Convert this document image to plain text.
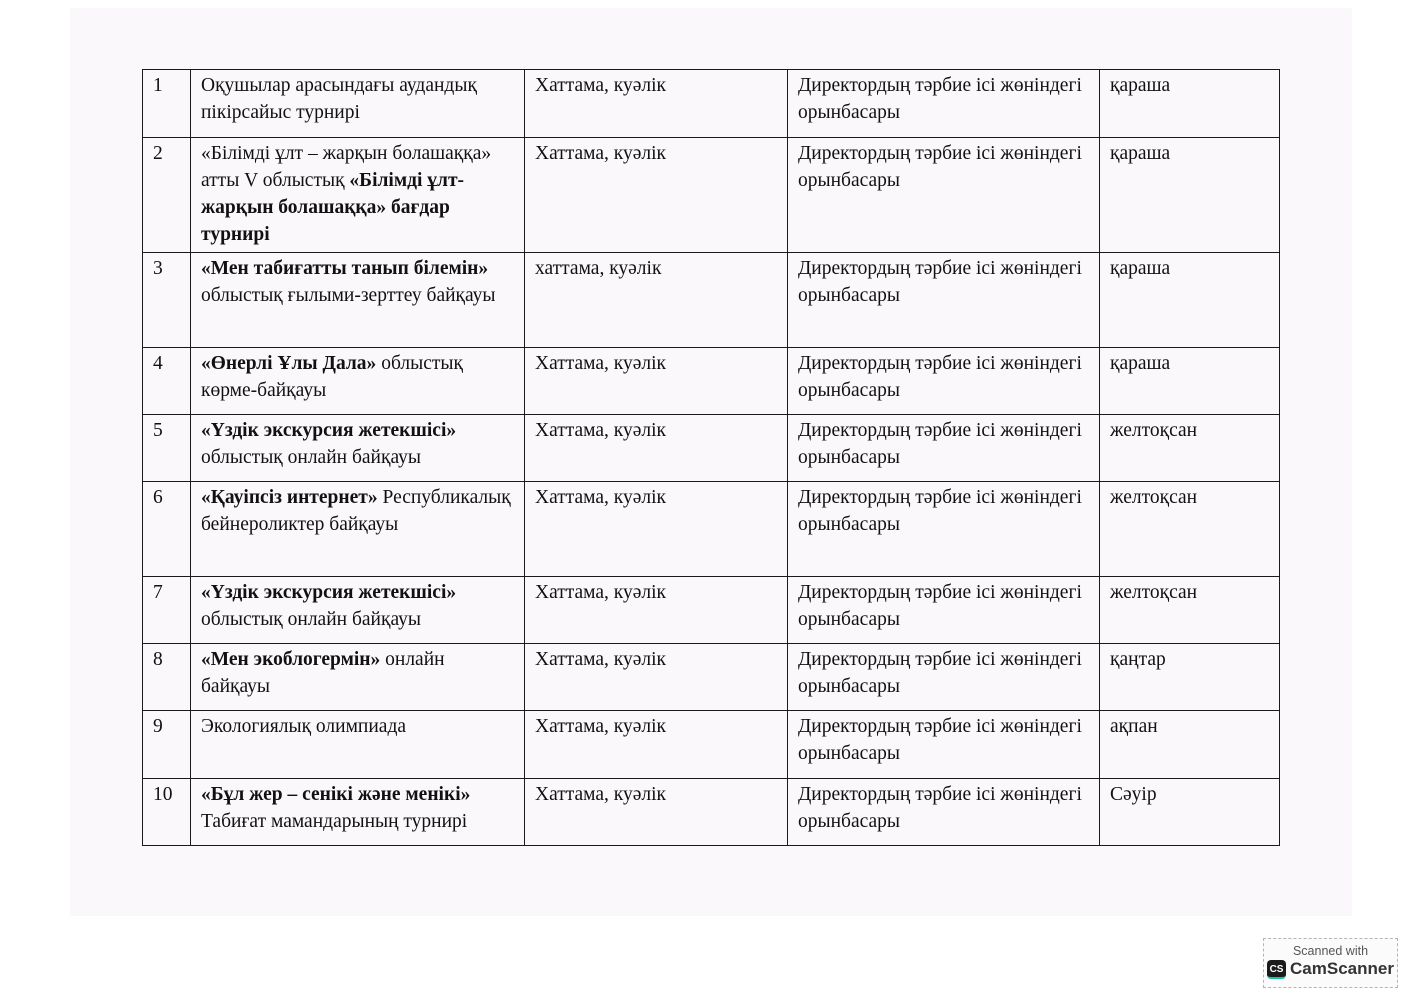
1	Оқушылар арасындағы аудандық пікірсайыс турнирі	Хаттама, куәлік	Директордың тәрбие ісі жөніндегі орынбасары	қараша
2	«Білімді ұлт – жарқын болашаққа» атты V облыстық «Білімді ұлт-жарқын болашаққа» бағдар турнирі	Хаттама, куәлік	Директордың тәрбие ісі жөніндегі орынбасары	қараша
3	«Мен табиғатты танып білемін» облыстық ғылыми-зерттеу байқауы	хаттама, куәлік	Директордың тәрбие ісі жөніндегі орынбасары	қараша
4	«Өнерлі Ұлы Дала» облыстық көрме-байқауы	Хаттама, куәлік	Директордың тәрбие ісі жөніндегі орынбасары	қараша
5	«Үздік экскурсия жетекшісі» облыстық онлайн байқауы	Хаттама, куәлік	Директордың тәрбие ісі жөніндегі орынбасары	желтоқсан
6	«Қауіпсіз интернет» Республикалық бейнероликтер байқауы	Хаттама, куәлік	Директордың тәрбие ісі жөніндегі орынбасары	желтоқсан
7	«Үздік экскурсия жетекшісі» облыстық онлайн байқауы	Хаттама, куәлік	Директордың тәрбие ісі жөніндегі орынбасары	желтоқсан
8	«Мен экоблогермін» онлайн байқауы	Хаттама, куәлік	Директордың тәрбие ісі жөніндегі орынбасары	қаңтар
9	Экологиялық олимпиада	Хаттама, куәлік	Директордың тәрбие ісі жөніндегі орынбасары	ақпан
10	«Бұл жер – сенікі және менікі» Табиғат мамандарының турнирі	Хаттама, куәлік	Директордың тәрбие ісі жөніндегі орынбасары	Сәуір
Scanned with
CS CamScanner
